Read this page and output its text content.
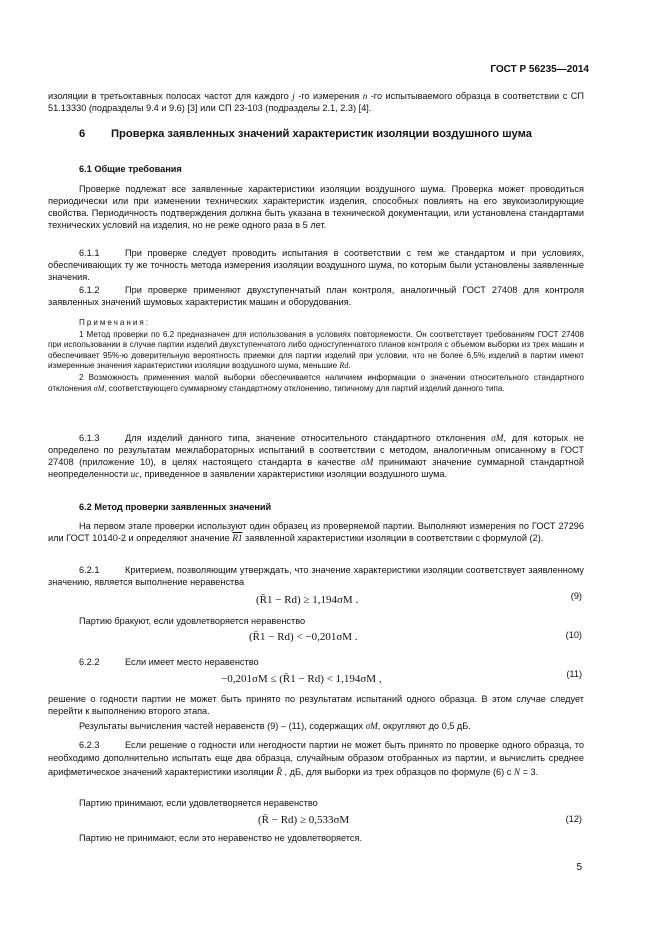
ГОСТ Р 56235—2014
изоляции в третьоктавных полосах частот для каждого j -го измерения n -го испытываемого образца в соответствии с СП 51.13330 (подразделы 9.4 и 9.6) [3] или СП 23-103 (подразделы 2.1, 2.3) [4].
6 Проверка заявленных значений характеристик изоляции воздушного шума
6.1 Общие требования
Проверке подлежат все заявленные характеристики изоляции воздушного шума. Проверка может проводиться периодически или при изменении технических характеристик изделия, способных повлиять на его звукоизолирующие свойства. Периодичность подтверждения должна быть указана в технической документации, или установлена стандартами технических условий на изделия, но не реже одного раза в 5 лет.
6.1.1	При проверке следует проводить испытания в соответствии с тем же стандартом и при условиях, обеспечивающих ту же точность метода измерения изоляции воздушного шума, по которым были установлены заявленные значения.
6.1.2	При проверке применяют двухступенчатый план контроля, аналогичный ГОСТ 27408 для контроля заявленных значений шумовых характеристик машин и оборудования.
Примечания:
1 Метод проверки по 6.2 предназначен для использования в условиях повторяемости. Он соответствует требованиям ГОСТ 27408 при использовании в случае партии изделий двухступенчатого либо одноступенчатого планов контроля с объемом выборки из трех машин и обеспечивает 95%-ю доверительную вероятность приемки для партии изделий при условии, что не более 6,5% изделий в партии имеют измеренные значения характеристики изоляции воздушного шума, меньшие Rd.
2 Возможность применения малой выборки обеспечивается наличием информации о значении относительного стандартного отклонения σM, соответствующего суммарному стандартному отклонению, типичному для партий изделий данного типа.
6.1.3	Для изделий данного типа, значение относительного стандартного отклонения σM, для которых не определено по результатам межлабораторных испытаний в соответствии с методом, аналогичным описанному в ГОСТ 27408 (приложение 10), в целях настоящего стандарта в качестве σM принимают значение суммарной стандартной неопределенности uc, приведенное в заявлении характеристики изоляции воздушного шума.
6.2 Метод проверки заявленных значений
На первом этапе проверки используют один образец из проверяемой партии. Выполняют измерения по ГОСТ 27296 или ГОСТ 10140-2 и определяют значение R1 заявленной характеристики изоляции в соответствии с формулой (2).
6.2.1	Критерием, позволяющим утверждать, что значение характеристики изоляции соответствует заявленному значению, является выполнение неравенства
(R̄1 − Rd) ≥ 1,194σM .	(9)
Партию бракуют, если удовлетворяется неравенство
(R̄1 − Rd) < −0,201σM .	(10)
6.2.2	Если имеет место неравенство
−0,201σM ≤ (R̄1 − Rd) < 1,194σM ,	(11)
решение о годности партии не может быть принято по результатам испытаний одного образца. В этом случае следует перейти к выполнению второго этапа.
Результаты вычисления частей неравенств (9) – (11), содержащих σM, округляют до 0,5 дБ.
6.2.3	Если решение о годности или негодности партии не может быть принято по проверке одного образца, то необходимо дополнительно испытать еще два образца, случайным образом отобранных из партии, и вычислить среднее арифметическое значений характеристики изоляции R̄ , дБ, для выборки из трех образцов по формуле (6) с N = 3.
Партию принимают, если удовлетворяется неравенство
(R̄ − Rd) ≥ 0,533σM	(12)
Партию не принимают, если это неравенство не удовлетворяется.
5
